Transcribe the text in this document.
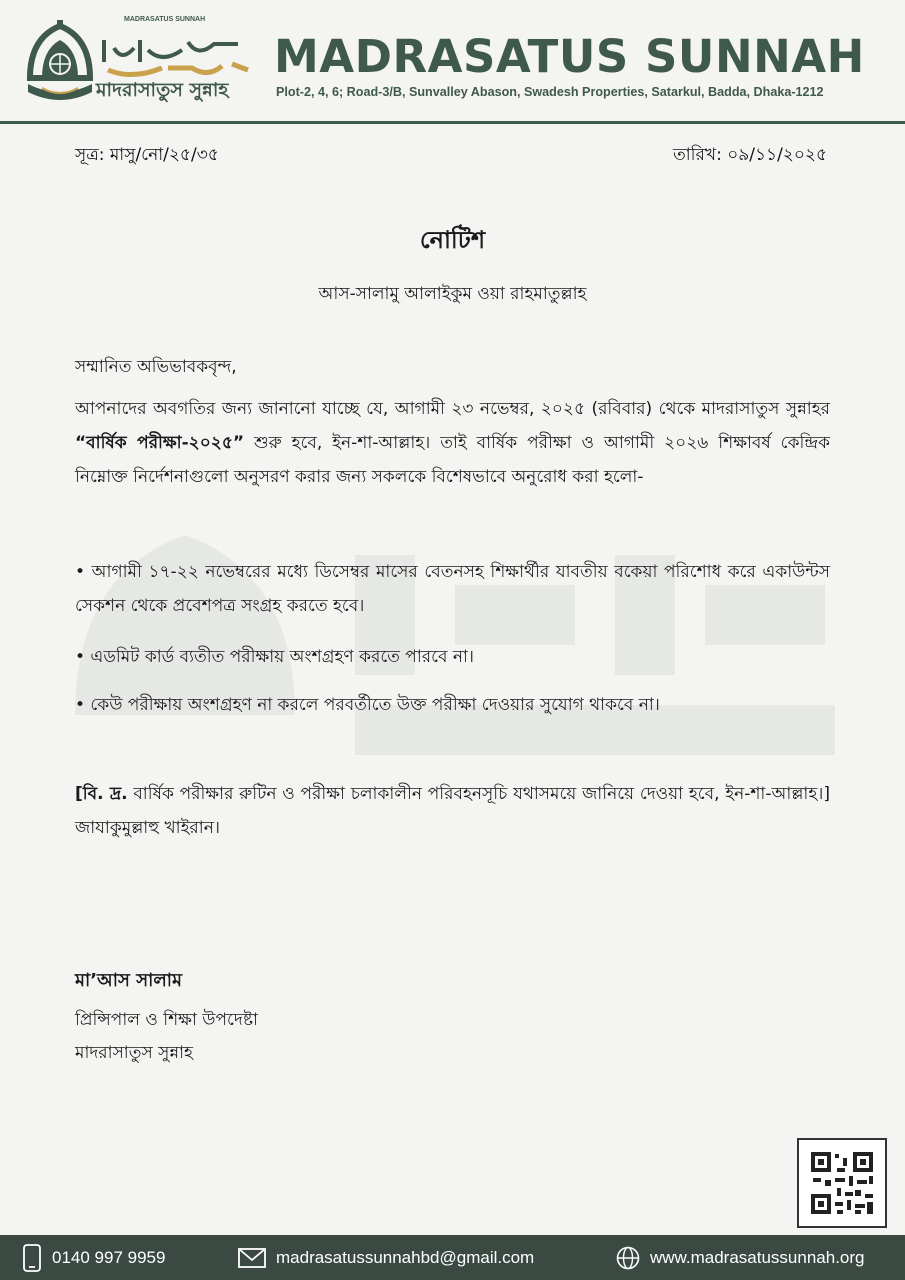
MADRASATUS SUNNAH
মাদরাসাতুস সুন্নাহ
MADRASATUS SUNNAH
Plot-2, 4, 6; Road-3/B, Sunvalley Abason, Swadesh Properties, Satarkul, Badda, Dhaka-1212
সূত্র: মাসু/নো/২৫/৩৫	তারিখ: ০৯/১১/২০২৫
নোটিশ
আস-সালামু আলাইকুম ওয়া রাহমাতুল্লাহ
সম্মানিত অভিভাবকবৃন্দ,
আপনাদের অবগতির জন্য জানানো যাচ্ছে যে, আগামী ২৩ নভেম্বর, ২০২৫ (রবিবার) থেকে মাদরাসাতুস সুন্নাহর “বার্ষিক পরীক্ষা-২০২৫” শুরু হবে, ইন-শা-আল্লাহ। তাই বার্ষিক পরীক্ষা ও আগামী ২০২৬ শিক্ষাবর্ষ কেন্দ্রিক নিম্নোক্ত নির্দেশনাগুলো অনুসরণ করার জন্য সকলকে বিশেষভাবে অনুরোধ করা হলো-
• আগামী ১৭-২২ নভেম্বরের মধ্যে ডিসেম্বর মাসের বেতনসহ শিক্ষার্থীর যাবতীয় বকেয়া পরিশোধ করে একাউন্টস সেকশন থেকে প্রবেশপত্র সংগ্রহ করতে হবে।
• এডমিট কার্ড ব্যতীত পরীক্ষায় অংশগ্রহণ করতে পারবে না।
• কেউ পরীক্ষায় অংশগ্রহণ না করলে পরবর্তীতে উক্ত পরীক্ষা দেওয়ার সুযোগ থাকবে না।
[বি. দ্র. বার্ষিক পরীক্ষার রুটিন ও পরীক্ষা চলাকালীন পরিবহনসূচি যথাসময়ে জানিয়ে দেওয়া হবে, ইন-শা-আল্লাহ।] জাযাকুমুল্লাহু খাইরান।
মা’আস সালাম
প্রিন্সিপাল ও শিক্ষা উপদেষ্টা
মাদরাসাতুস সুন্নাহ
0140 997 9959	madrasatussunnahbd@gmail.com	www.madrasatussunnah.org
